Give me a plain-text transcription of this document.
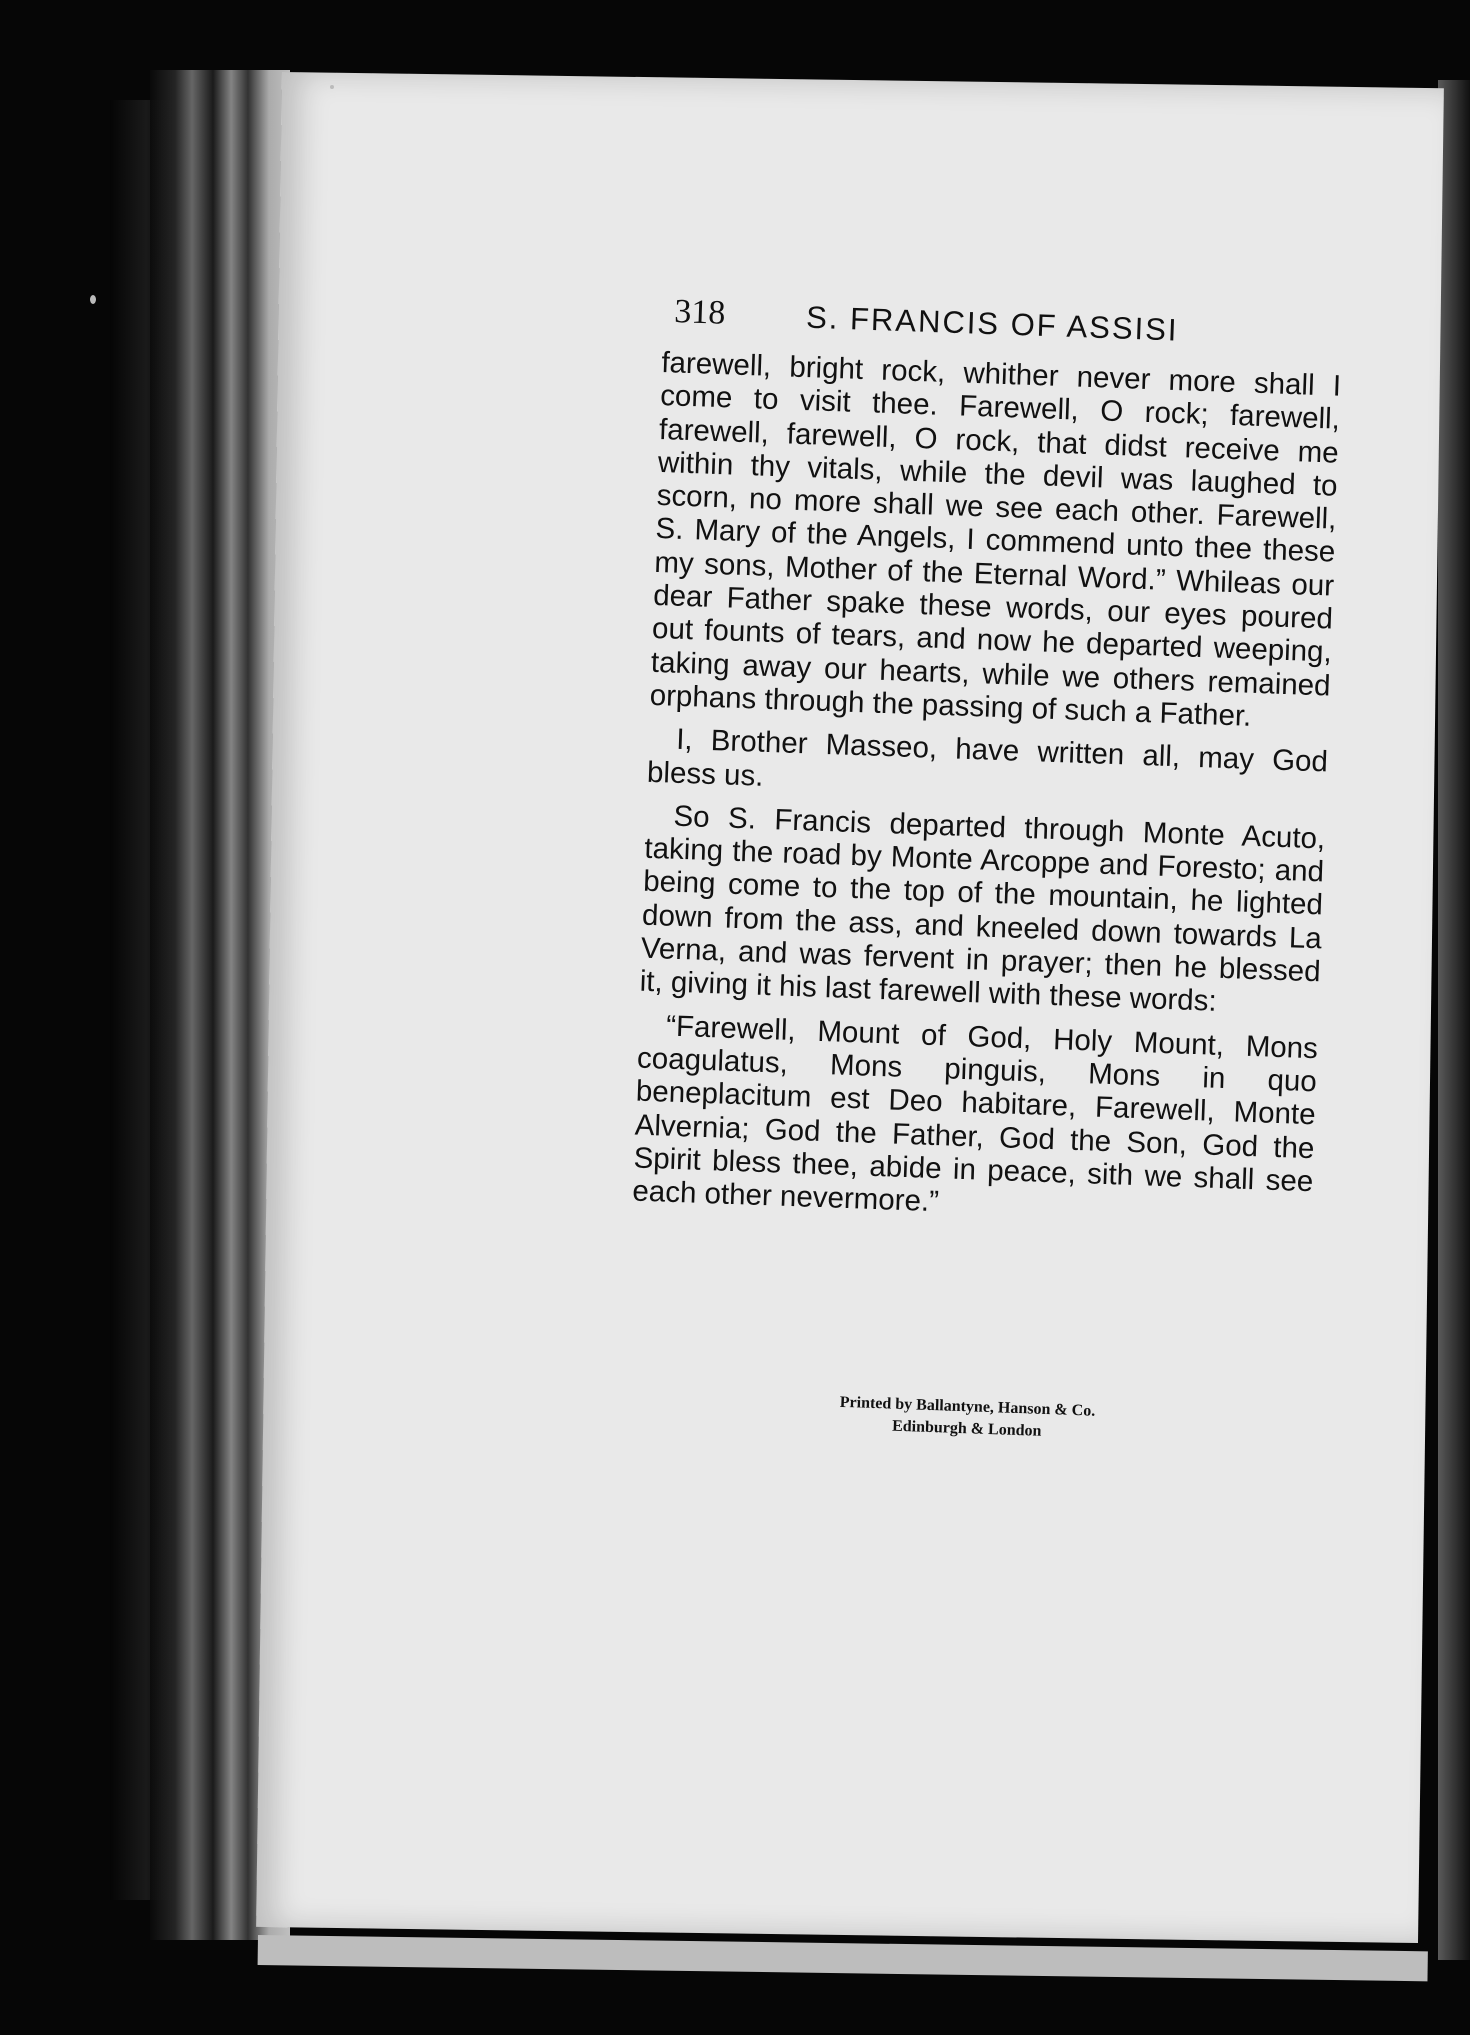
318	S. FRANCIS OF ASSISI

farewell, bright rock, whither never more shall I come to visit thee. Farewell, O rock; farewell, farewell, farewell, O rock, that didst receive me within thy vitals, while the devil was laughed to scorn, no more shall we see each other. Farewell, S. Mary of the Angels, I commend unto thee these my sons, Mother of the Eternal Word.” Whileas our dear Father spake these words, our eyes poured out founts of tears, and now he departed weeping, taking away our hearts, while we others remained orphans through the passing of such a Father.

I, Brother Masseo, have written all, may God bless us.

So S. Francis departed through Monte Acuto, taking the road by Monte Arcoppe and Foresto; and being come to the top of the mountain, he lighted down from the ass, and kneeled down towards La Verna, and was fervent in prayer; then he blessed it, giving it his last farewell with these words:

“Farewell, Mount of God, Holy Mount, Mons coagulatus, Mons pinguis, Mons in quo beneplacitum est Deo habitare, Farewell, Monte Alvernia; God the Father, God the Son, God the Spirit bless thee, abide in peace, sith we shall see each other nevermore.”

Printed by Ballantyne, Hanson & Co.
Edinburgh & London
